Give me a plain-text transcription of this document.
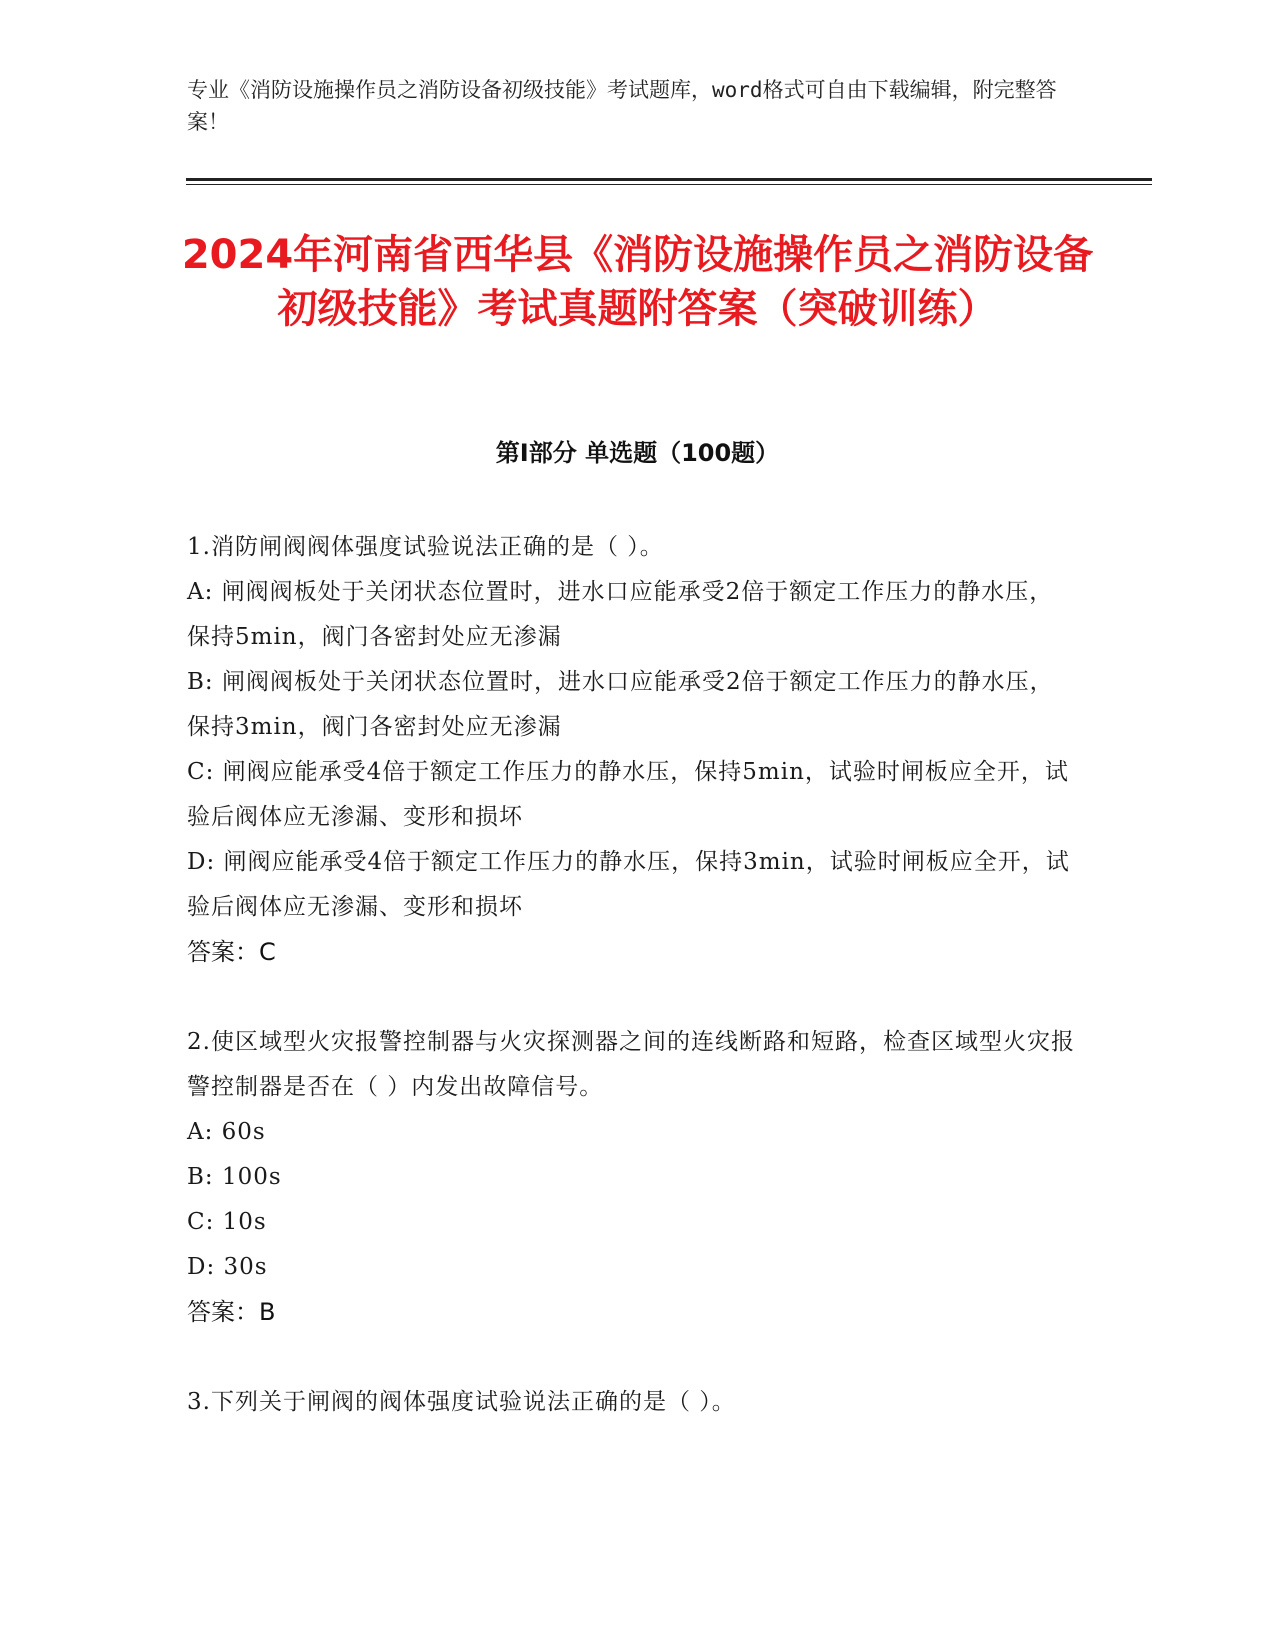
专业《消防设施操作员之消防设备初级技能》考试题库，word格式可自由下载编辑，附完整答案！

2024年河南省西华县《消防设施操作员之消防设备初级技能》考试真题附答案（突破训练）
第I部分 单选题（100题）

1.消防闸阀阀体强度试验说法正确的是（ ）。

A: 闸阀阀板处于关闭状态位置时，进水口应能承受2倍于额定工作压力的静水压，保持5min，阀门各密封处应无渗漏

B: 闸阀阀板处于关闭状态位置时，进水口应能承受2倍于额定工作压力的静水压，保持3min，阀门各密封处应无渗漏

C: 闸阀应能承受4倍于额定工作压力的静水压，保持5min，试验时闸板应全开，试验后阀体应无渗漏、变形和损坏

D: 闸阀应能承受4倍于额定工作压力的静水压，保持3min，试验时闸板应全开，试验后阀体应无渗漏、变形和损坏

答案：C

2.使区域型火灾报警控制器与火灾探测器之间的连线断路和短路，检查区域型火灾报警控制器是否在（ ）内发出故障信号。

A: 60s

B: 100s

C: 10s

D: 30s

答案：B

3.下列关于闸阀的阀体强度试验说法正确的是（ ）。
